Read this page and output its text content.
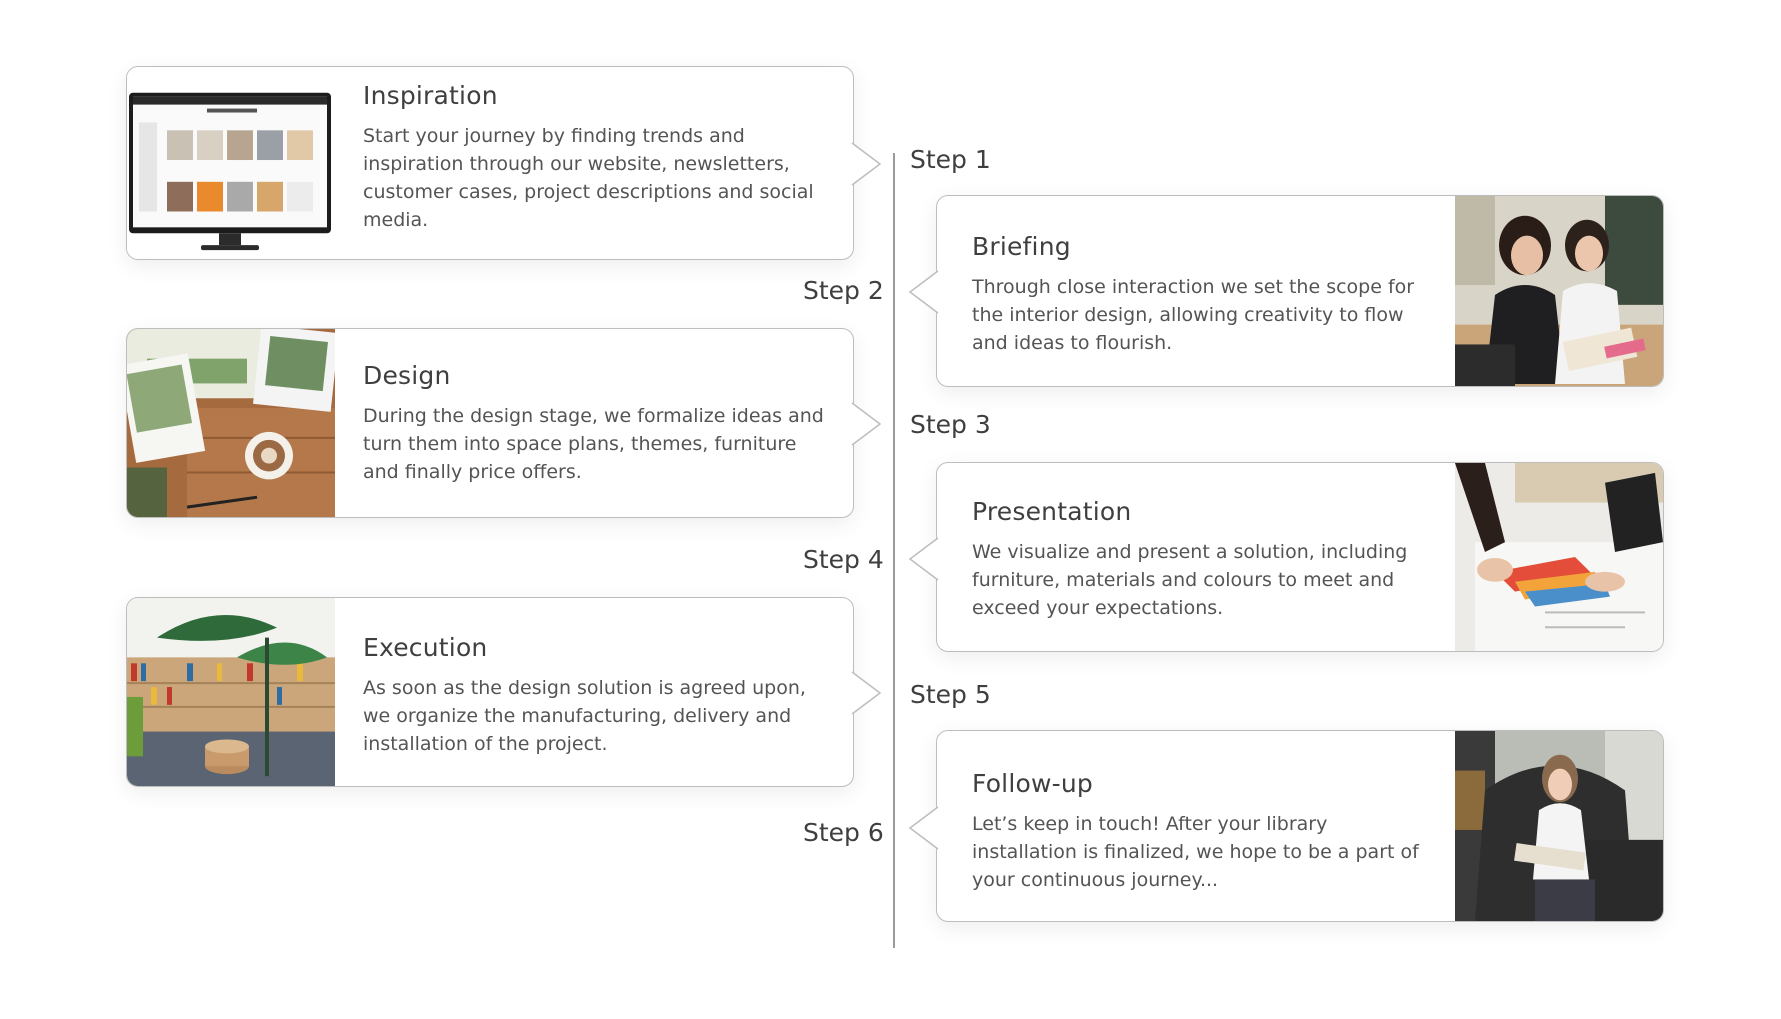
Step 1
Step 2
Step 3
Step 4
Step 5
Step 6
Inspiration

Start your journey by finding trends and inspiration through our website, newsletters, customer cases, project descriptions and social media.

Briefing

Through close interaction we set the scope for the interior design, allowing creativity to flow and ideas to flourish.

Design

During the design stage, we formalize ideas and turn them into space plans, themes, furniture and finally price offers.

Presentation

We visualize and present a solution, including furniture, materials and colours to meet and exceed your expectations.

Execution

As soon as the design solution is agreed upon, we organize the manufacturing, delivery and installation of the project.

Follow-up

Let’s keep in touch! After your library installation is finalized, we hope to be a part of your continuous journey...
